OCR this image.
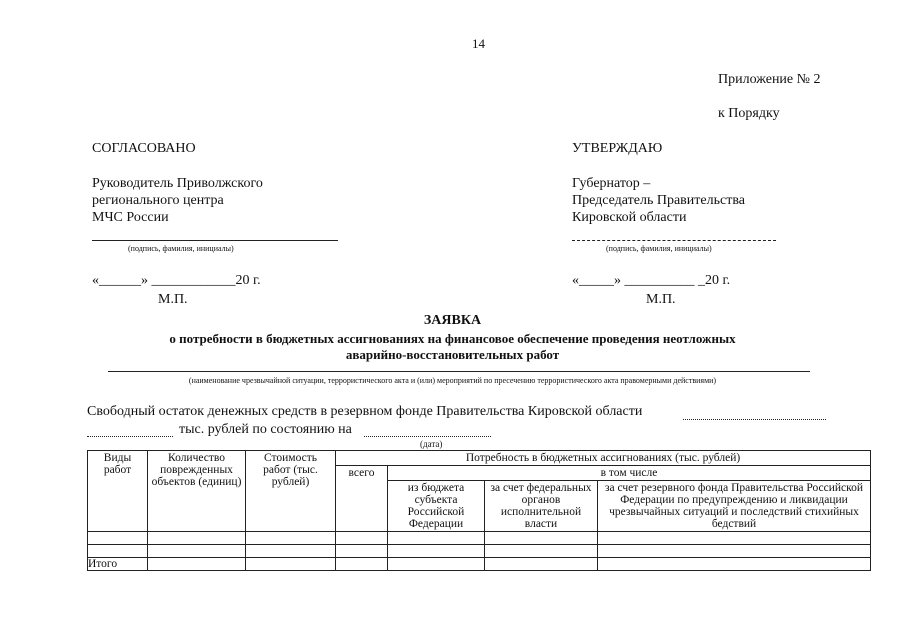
14
Приложение № 2
к Порядку
СОГЛАСОВАНО
Руководитель Приволжского
регионального центра
МЧС России
(подпись, фамилия, инициалы)
«______» ____________20 г.
М.П.
УТВЕРЖДАЮ
Губернатор –
Председатель Правительства
Кировской области
(подпись, фамилия, инициалы)
«_____» __________ _20 г.
М.П.
ЗАЯВКА
о потребности в бюджетных ассигнованиях на финансовое обеспечение проведения неотложных
аварийно-восстановительных работ
(наименование чрезвычайной ситуации, террористического акта и (или) мероприятий по пресечению террористического акта правомерными действиями)
Свободный остаток денежных средств в резервном фонде Правительства Кировской области
тыс. рублей по состоянию на
(дата)
Виды работ	Количество поврежденных объектов (единиц)	Стоимость работ (тыс. рублей)	Потребность в бюджетных ассигнованиях (тыс. рублей)			
			всего	в том числе		
				из бюджета субъекта Российской Федерации	за счет федеральных органов исполнительной власти	за счет резервного фонда Правительства Российской Федерации по предупреждению и ликвидации чрезвычайных ситуаций и последствий стихийных бедствий

Итого						
